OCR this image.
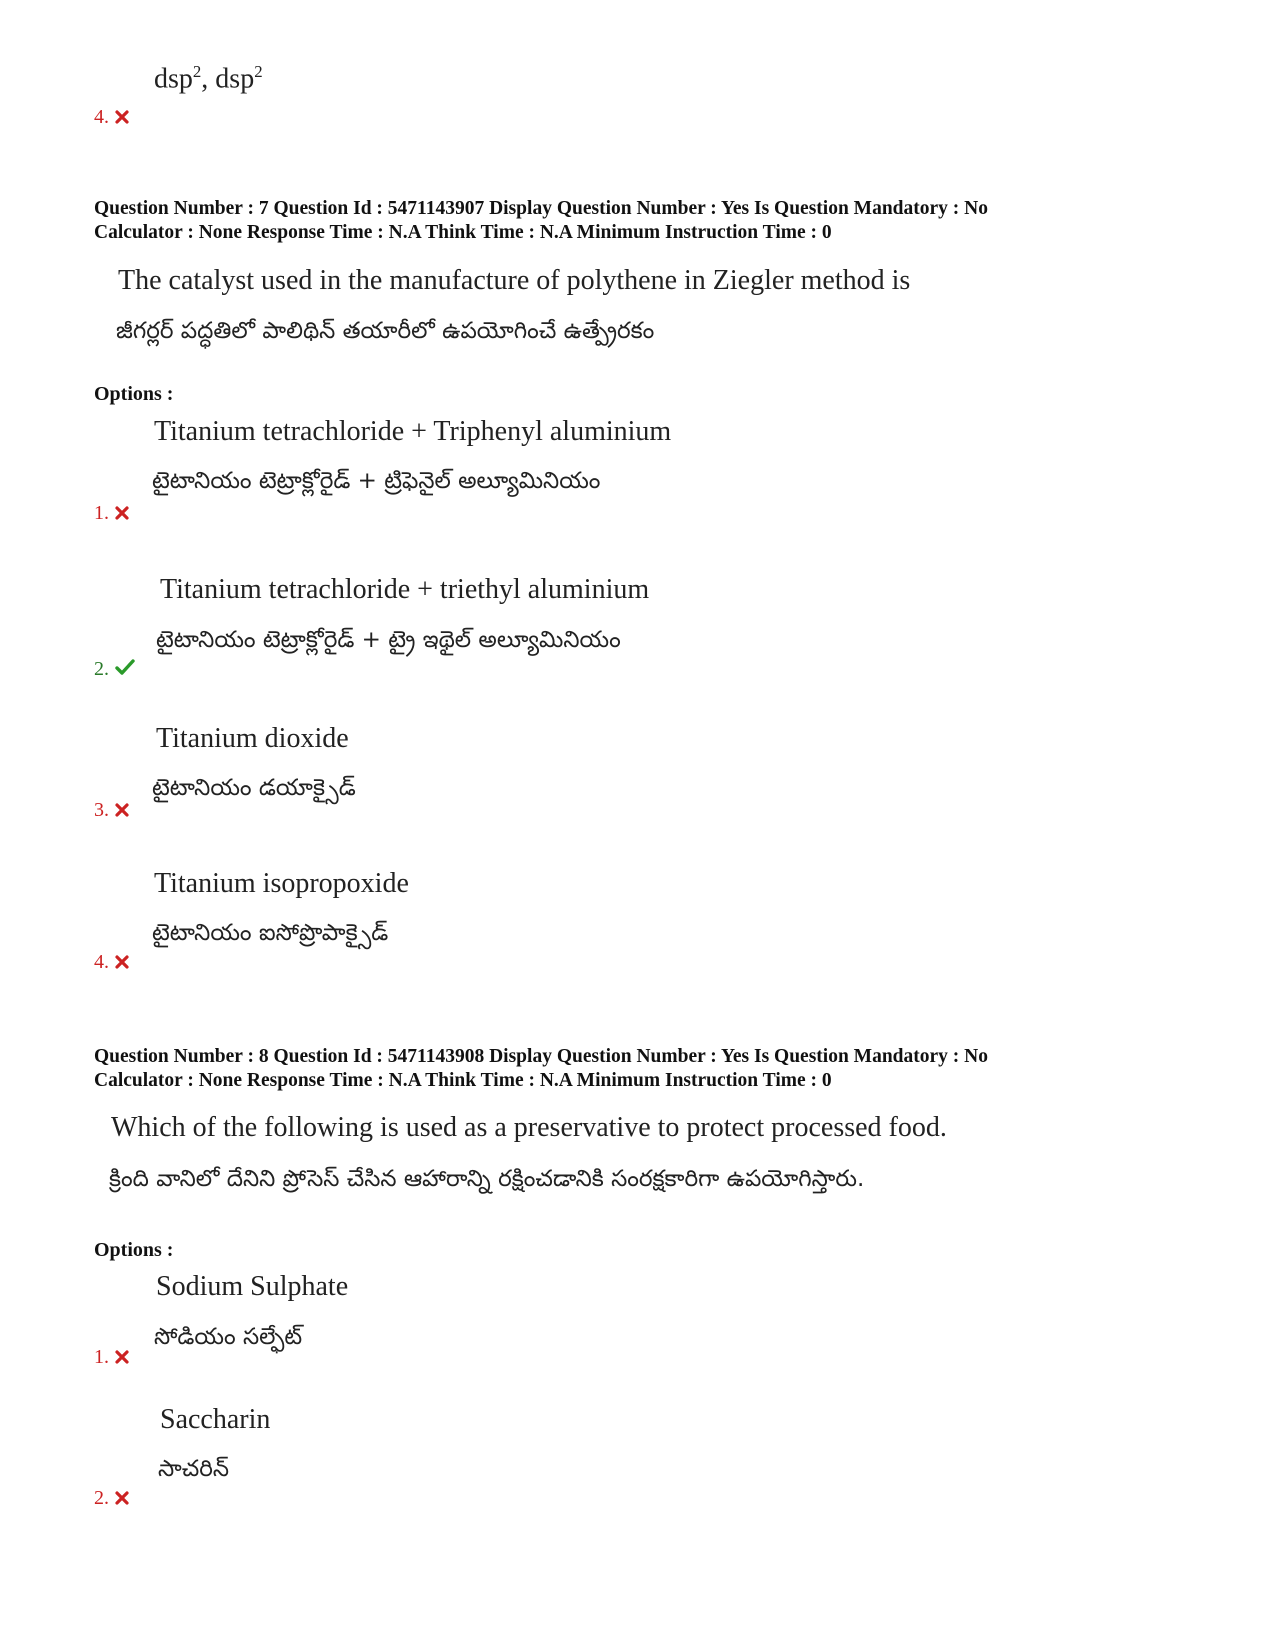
dsp$^2$, dsp$^2$
4.
Question Number : 7 Question Id : 5471143907 Display Question Number : Yes Is Question Mandatory : No
Calculator : None Response Time : N.A Think Time : N.A Minimum Instruction Time : 0
The catalyst used in the manufacture of polythene in Ziegler method is
జీగర్లర్ పద్ధతిలో పాలిథిన్ తయారీలో ఉపయోగించే ఉత్ప్రేరకం
Options :
Titanium tetrachloride + Triphenyl aluminium
టైటానియం టెట్రాక్లోరైడ్ + ట్రిఫెనైల్ అల్యూమినియం
1.
Titanium tetrachloride + triethyl aluminium
టైటానియం టెట్రాక్లోరైడ్ + ట్రై ఇథైల్ అల్యూమినియం
2.
Titanium dioxide
టైటానియం డయాక్సైడ్
3.
Titanium isopropoxide
టైటానియం ఐసోప్రొపాక్సైడ్
4.
Question Number : 8 Question Id : 5471143908 Display Question Number : Yes Is Question Mandatory : No
Calculator : None Response Time : N.A Think Time : N.A Minimum Instruction Time : 0
Which of the following is used as a preservative to protect processed food.
క్రింది వానిలో దేనిని ప్రోసెస్ చేసిన ఆహారాన్ని రక్షించడానికి సంరక్షకారిగా ఉపయోగిస్తారు.
Options :
Sodium Sulphate
సోడియం సల్ఫేట్
1.
Saccharin
సాచరిన్
2.
